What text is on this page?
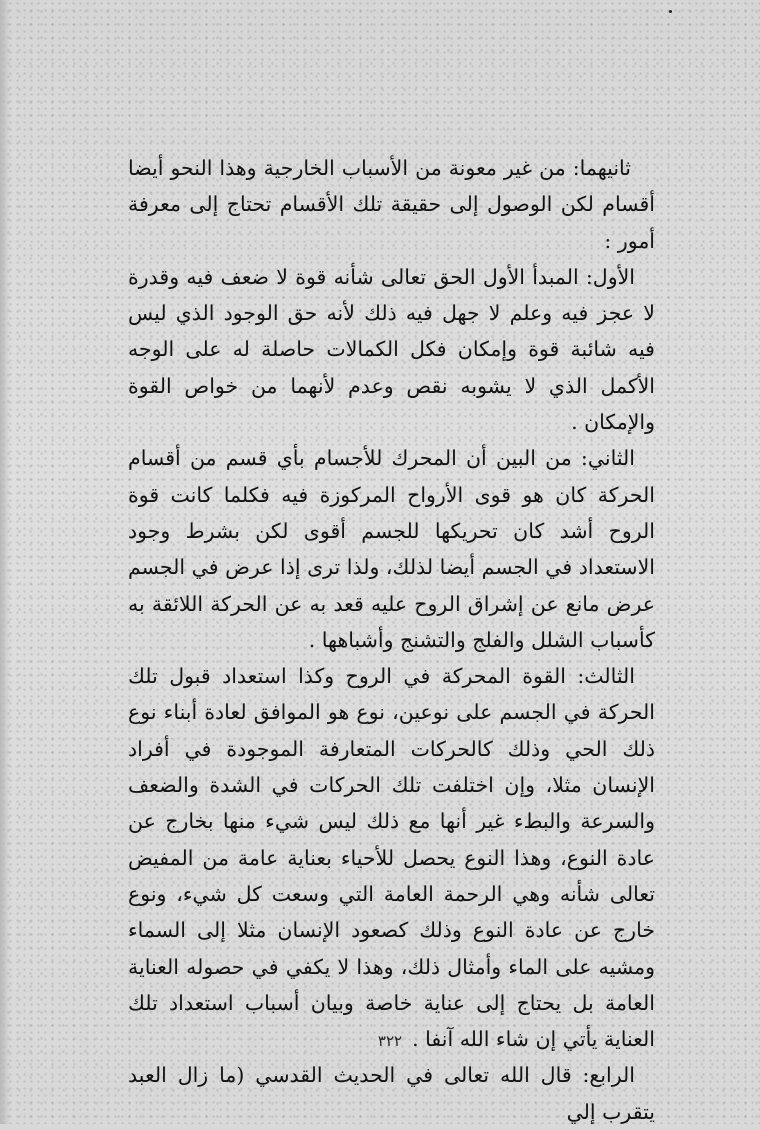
ثانيهما: من غير معونة من الأسباب الخارجية وهذا النحو أيضا أقسام لكن الوصول إلى حقيقة تلك الأقسام تحتاج إلى معرفة أمور :

الأول: المبدأ الأول الحق تعالى شأنه قوة لا ضعف فيه وقدرة لا عجز فيه وعلم لا جهل فيه ذلك لأنه حق الوجود الذي ليس فيه شائبة قوة وإمكان فكل الكمالات حاصلة له على الوجه الأكمل الذي لا يشوبه نقص وعدم لأنهما من خواص القوة والإمكان .

الثاني: من البين أن المحرك للأجسام بأي قسم من أقسام الحركة كان هو قوى الأرواح المركوزة فيه فكلما كانت قوة الروح أشد كان تحريكها للجسم أقوى لكن بشرط وجود الاستعداد في الجسم أيضا لذلك، ولذا ترى إذا عرض في الجسم عرض مانع عن إشراق الروح عليه قعد به عن الحركة اللائقة به كأسباب الشلل والفلج والتشنج وأشباهها .

الثالث: القوة المحركة في الروح وكذا استعداد قبول تلك الحركة في الجسم على نوعين، نوع هو الموافق لعادة أبناء نوع ذلك الحي وذلك كالحركات المتعارفة الموجودة في أفراد الإنسان مثلا، وإن اختلفت تلك الحركات في الشدة والضعف والسرعة والبطء غير أنها مع ذلك ليس شيء منها بخارج عن عادة النوع، وهذا النوع يحصل للأحياء بعناية عامة من المفيض تعالى شأنه وهي الرحمة العامة التي وسعت كل شيء، ونوع خارج عن عادة النوع وذلك كصعود الإنسان مثلا إلى السماء ومشيه على الماء وأمثال ذلك، وهذا لا يكفي في حصوله العناية العامة بل يحتاج إلى عناية خاصة وبيان أسباب استعداد تلك العناية يأتي إن شاء الله آنفا .

الرابع: قال الله تعالى في الحديث القدسي (ما زال العبد يتقرب إلي

٣٢٢
